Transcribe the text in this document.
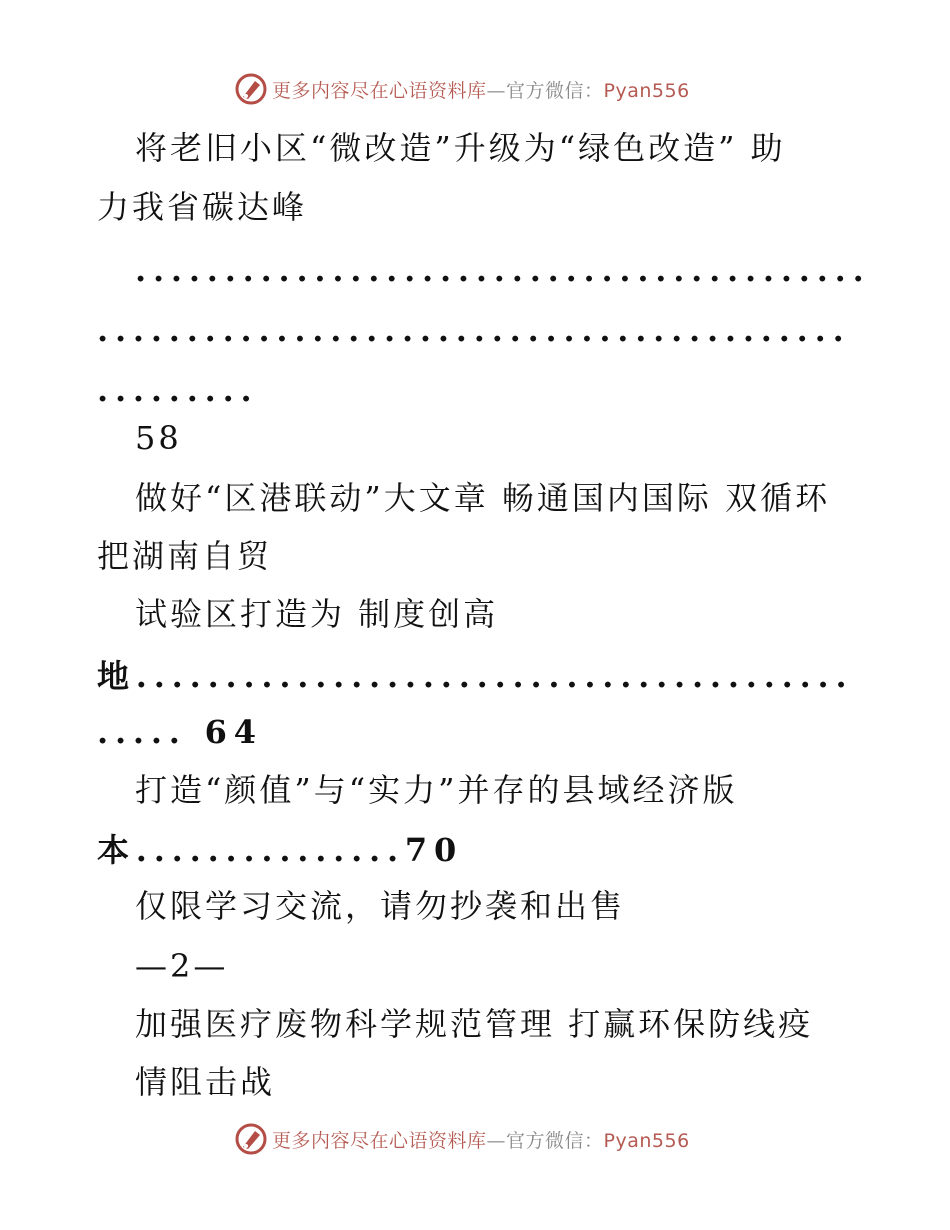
更多内容尽在心语资料库—官方微信：Pyan556
将老旧小区“微改造”升级为“绿色改造” 助
力我省碳达峰
.........................................
..........................................
.........
58
做好“区港联动”大文章 畅通国内国际 双循环
把湖南自贸
试验区打造为 制度创高
地........................................
..... 64
打造“颜值”与“实力”并存的县域经济版
本...............70
仅限学习交流，请勿抄袭和出售
—2—
加强医疗废物科学规范管理 打赢环保防线疫
情阻击战
更多内容尽在心语资料库—官方微信：Pyan556
